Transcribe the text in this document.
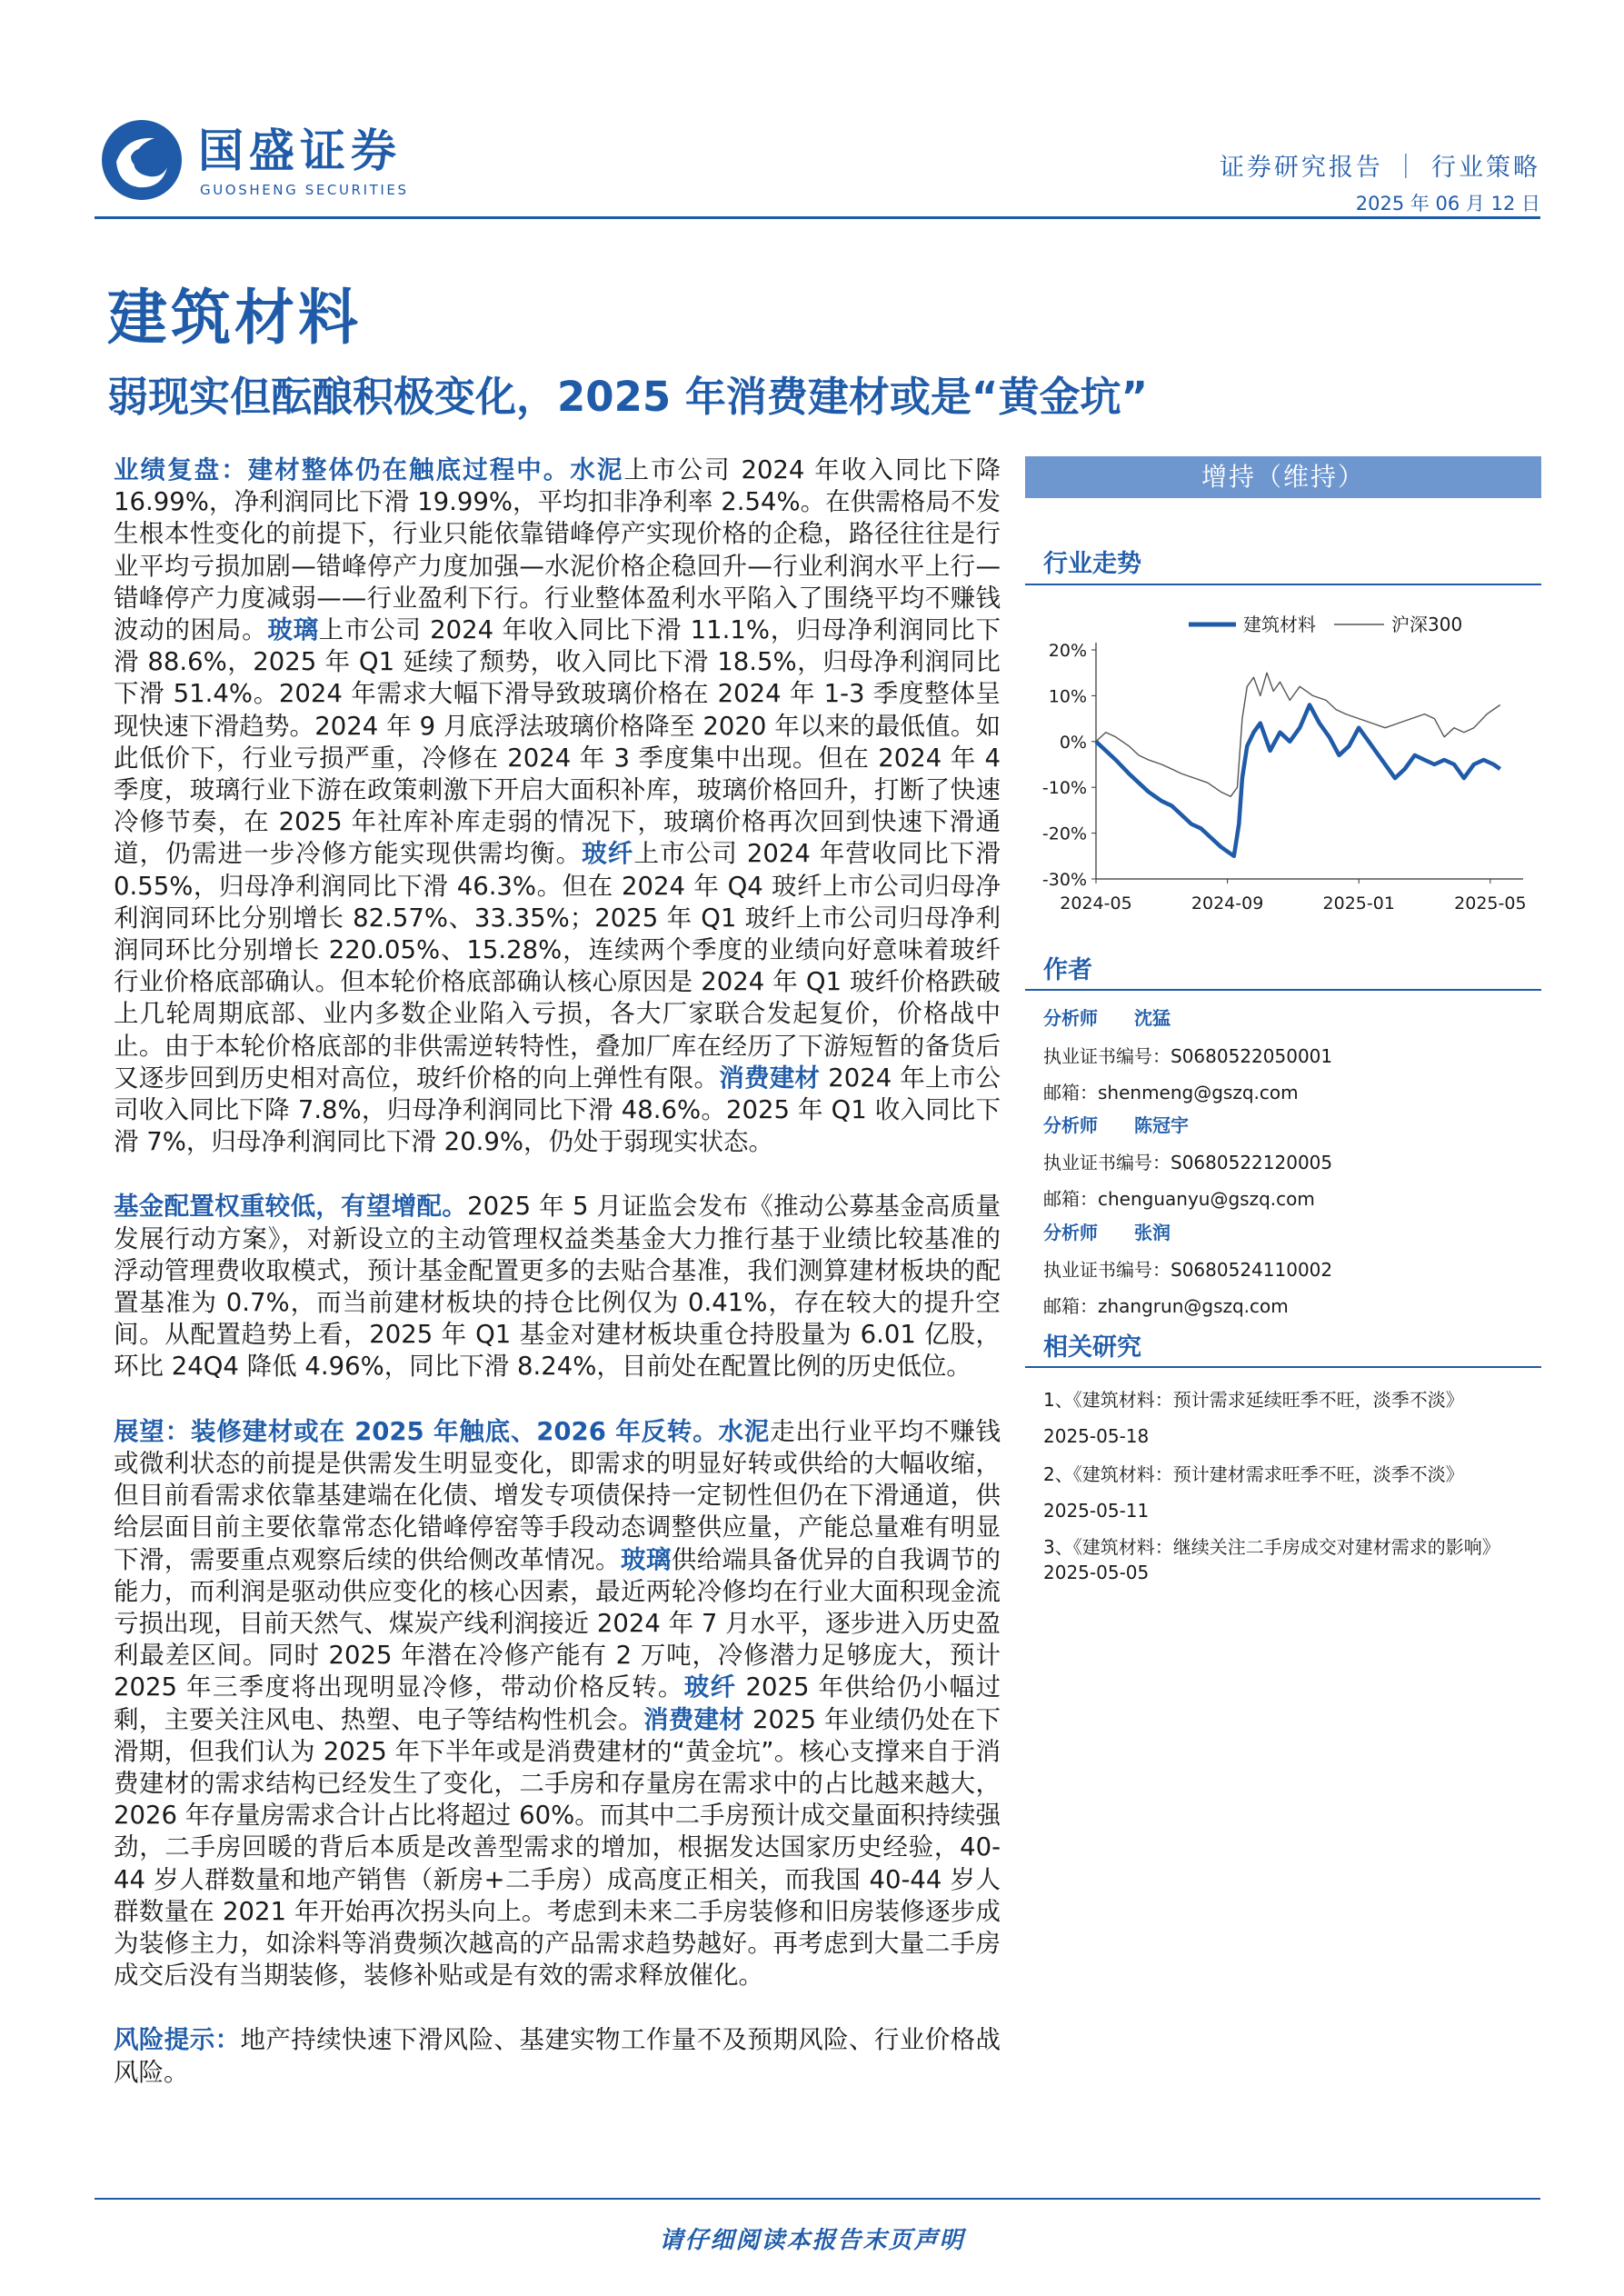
国盛证券
GUOSHENG SECURITIES
证券研究报告 ｜ 行业策略
2025 年 06 月 12 日
建筑材料
弱现实但酝酿积极变化，2025 年消费建材或是“黄金坑”

业绩复盘：建材整体仍在触底过程中。水泥上市公司 2024 年收入同比下降 16.99%，净利润同比下滑 19.99%，平均扣非净利率 2.54%。在供需格局不发生根本性变化的前提下，行业只能依靠错峰停产实现价格的企稳，路径往往是行业平均亏损加剧—错峰停产力度加强—水泥价格企稳回升—行业利润水平上行—错峰停产力度减弱——行业盈利下行。行业整体盈利水平陷入了围绕平均不赚钱波动的困局。玻璃上市公司 2024 年收入同比下滑 11.1%，归母净利润同比下滑 88.6%，2025 年 Q1 延续了颓势，收入同比下滑 18.5%，归母净利润同比下滑 51.4%。2024 年需求大幅下滑导致玻璃价格在 2024 年 1-3 季度整体呈现快速下滑趋势。2024 年 9 月底浮法玻璃价格降至 2020 年以来的最低值。如此低价下，行业亏损严重，冷修在 2024 年 3 季度集中出现。但在 2024 年 4 季度，玻璃行业下游在政策刺激下开启大面积补库，玻璃价格回升，打断了快速冷修节奏，在 2025 年社库补库走弱的情况下，玻璃价格再次回到快速下滑通道，仍需进一步冷修方能实现供需均衡。玻纤上市公司 2024 年营收同比下滑 0.55%，归母净利润同比下滑 46.3%。但在 2024 年 Q4 玻纤上市公司归母净利润同环比分别增长 82.57%、33.35%；2025 年 Q1 玻纤上市公司归母净利润同环比分别增长 220.05%、15.28%，连续两个季度的业绩向好意味着玻纤行业价格底部确认。但本轮价格底部确认核心原因是 2024 年 Q1 玻纤价格跌破上几轮周期底部、业内多数企业陷入亏损，各大厂家联合发起复价，价格战中止。由于本轮价格底部的非供需逆转特性，叠加厂库在经历了下游短暂的备货后又逐步回到历史相对高位，玻纤价格的向上弹性有限。消费建材 2024 年上市公司收入同比下降 7.8%，归母净利润同比下滑 48.6%。2025 年 Q1 收入同比下滑 7%，归母净利润同比下滑 20.9%，仍处于弱现实状态。

基金配置权重较低，有望增配。2025 年 5 月证监会发布《推动公募基金高质量发展行动方案》，对新设立的主动管理权益类基金大力推行基于业绩比较基准的浮动管理费收取模式，预计基金配置更多的去贴合基准，我们测算建材板块的配置基准为 0.7%，而当前建材板块的持仓比例仅为 0.41%，存在较大的提升空间。从配置趋势上看，2025 年 Q1 基金对建材板块重仓持股量为 6.01 亿股，环比 24Q4 降低 4.96%，同比下滑 8.24%，目前处在配置比例的历史低位。

展望：装修建材或在 2025 年触底、2026 年反转。水泥走出行业平均不赚钱或微利状态的前提是供需发生明显变化，即需求的明显好转或供给的大幅收缩，但目前看需求依靠基建端在化债、增发专项债保持一定韧性但仍在下滑通道，供给层面目前主要依靠常态化错峰停窑等手段动态调整供应量，产能总量难有明显下滑，需要重点观察后续的供给侧改革情况。玻璃供给端具备优异的自我调节的能力，而利润是驱动供应变化的核心因素，最近两轮冷修均在行业大面积现金流亏损出现，目前天然气、煤炭产线利润接近 2024 年 7 月水平，逐步进入历史盈利最差区间。同时 2025 年潜在冷修产能有 2 万吨，冷修潜力足够庞大，预计 2025 年三季度将出现明显冷修，带动价格反转。玻纤 2025 年供给仍小幅过剩，主要关注风电、热塑、电子等结构性机会。消费建材 2025 年业绩仍处在下滑期，但我们认为 2025 年下半年或是消费建材的“黄金坑”。核心支撑来自于消费建材的需求结构已经发生了变化，二手房和存量房在需求中的占比越来越大，2026 年存量房需求合计占比将超过 60%。而其中二手房预计成交量面积持续强劲，二手房回暖的背后本质是改善型需求的增加，根据发达国家历史经验，40-44 岁人群数量和地产销售（新房+二手房）成高度正相关，而我国 40-44 岁人群数量在 2021 年开始再次拐头向上。考虑到未来二手房装修和旧房装修逐步成为装修主力，如涂料等消费频次越高的产品需求趋势越好。再考虑到大量二手房成交后没有当期装修，装修补贴或是有效的需求释放催化。

风险提示：地产持续快速下滑风险、基建实物工作量不及预期风险、行业价格战风险。

增持（维持）
行业走势
建筑材料	沪深300
20%
10%
0%
-10%
-20%
-30%
2024-05	2024-09	2025-01	2025-05
作者
分析师 沈猛
执业证书编号：S0680522050001
邮箱：shenmeng@gszq.com
分析师 陈冠宇
执业证书编号：S0680522120005
邮箱：chenguanyu@gszq.com
分析师 张润
执业证书编号：S0680524110002
邮箱：zhangrun@gszq.com
相关研究
1、《建筑材料：预计需求延续旺季不旺，淡季不淡》
2025-05-18
2、《建筑材料：预计建材需求旺季不旺，淡季不淡》
2025-05-11
3、《建筑材料：继续关注二手房成交对建材需求的影响》 2025-05-05
请仔细阅读本报告末页声明
